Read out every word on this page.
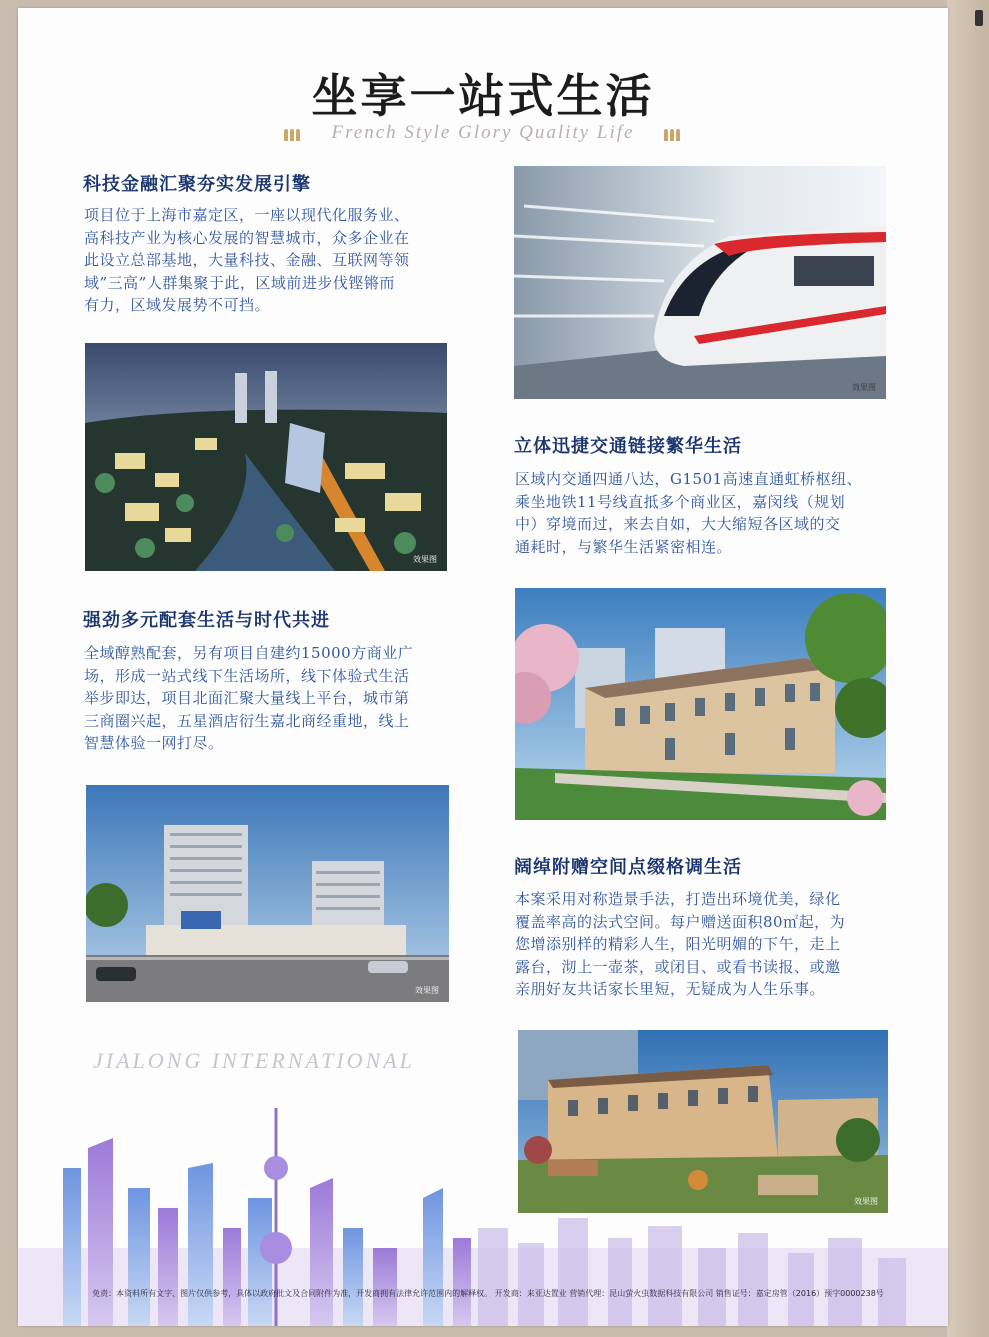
坐享一站式生活
French Style Glory Quality Life
科技金融汇聚夯实发展引擎
项目位于上海市嘉定区，一座以现代化服务业、
高科技产业为核心发展的智慧城市，众多企业在
此设立总部基地，大量科技、金融、互联网等领
域”三高”人群集聚于此，区域前进步伐铿锵而
有力，区域发展势不可挡。
效果图
效果图
立体迅捷交通链接繁华生活
区域内交通四通八达，G1501高速直通虹桥枢纽、
乘坐地铁11号线直抵多个商业区，嘉闵线（规划
中）穿境而过，来去自如，大大缩短各区域的交
通耗时，与繁华生活紧密相连。
强劲多元配套生活与时代共进
全域醇熟配套，另有项目自建约15000方商业广
场，形成一站式线下生活场所，线下体验式生活
举步即达，项目北面汇聚大量线上平台，城市第
三商圈兴起，五星酒店衍生嘉北商经重地，线上
智慧体验一网打尽。
效果图
阔绰附赠空间点缀格调生活
本案采用对称造景手法，打造出环境优美，绿化
覆盖率高的法式空间。每户赠送面积80㎡起，为
您增添别样的精彩人生，阳光明媚的下午，走上
露台，沏上一壶茶，或闭目、或看书读报、或邀
亲朋好友共话家长里短，无疑成为人生乐事。
效果图
JIALONG INTERNATIONAL
免责：本资料所有文字、图片仅供参考，具体以政府批文及合同附件为准，开发商拥有法律允许范围内的解释权。 开发商：来亚达置业 营销代理：昆山萤火虫数据科技有限公司 销售证号：嘉定房管（2016）预字0000238号
